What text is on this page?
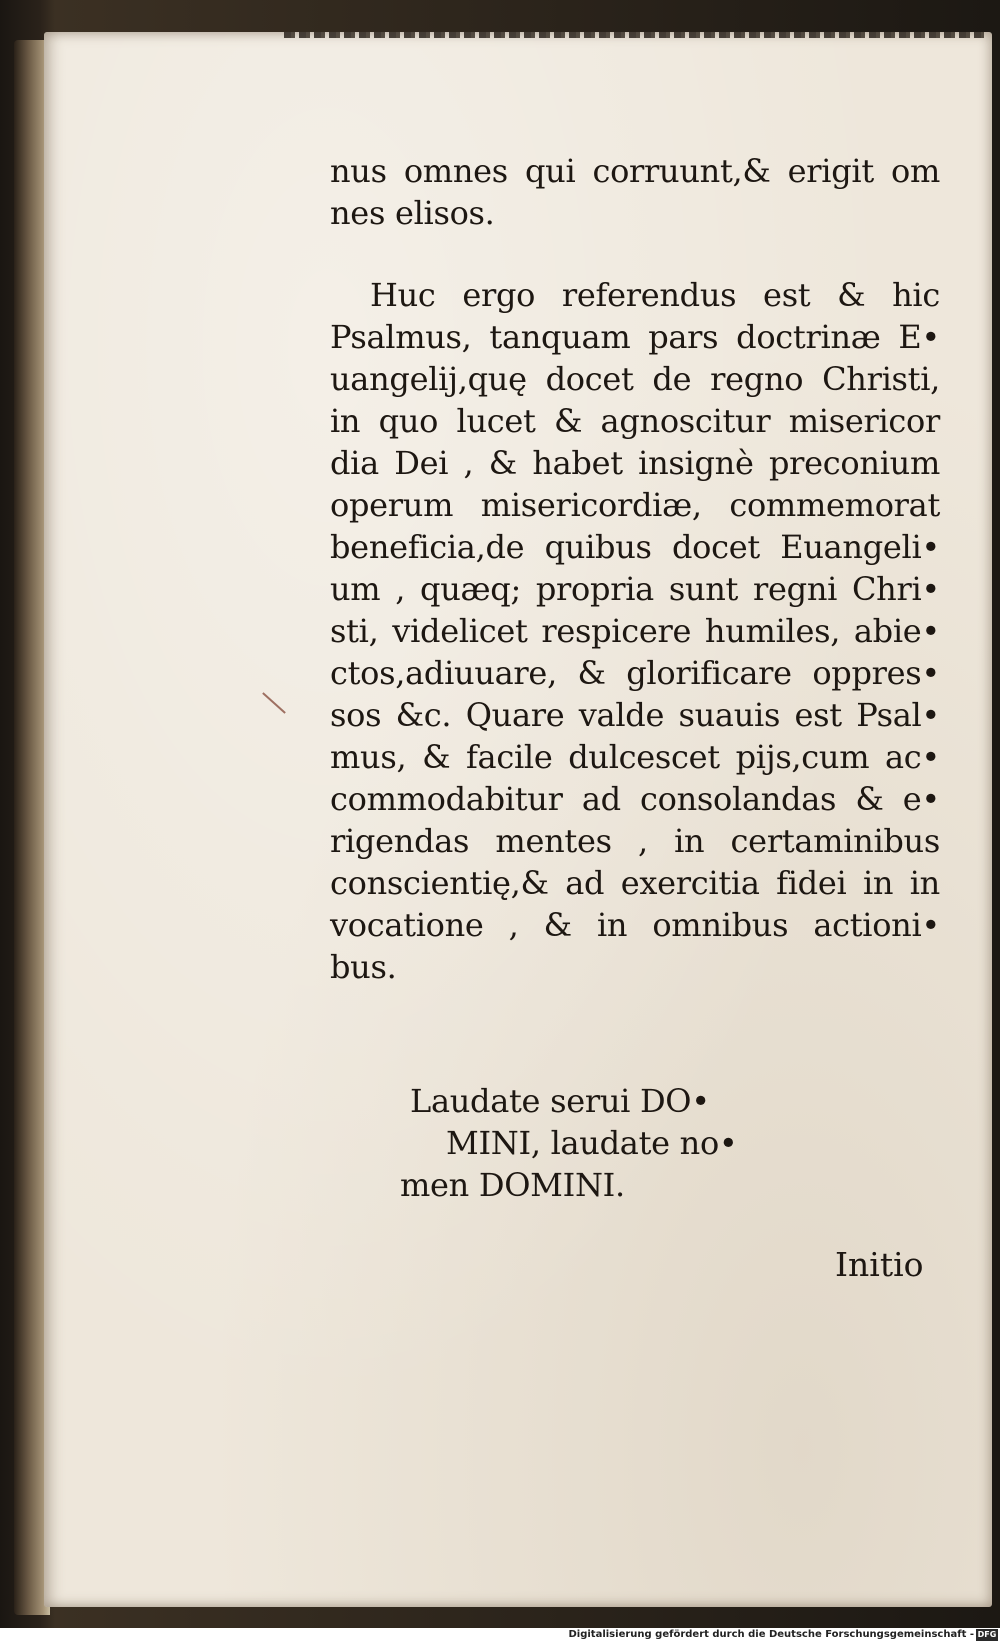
nus omnes qui corruunt,& erigit om
nes elisos.
Huc ergo referendus est & hic
Psalmus, tanquam pars doctrinæ E•
uangelij,quę docet de regno Christi,
in quo lucet & agnoscitur misericor
dia Dei , & habet insignè preconium
operum misericordiæ, commemorat
beneficia,de quibus docet Euangeli•
um , quæq; propria sunt regni Chri•
sti, videlicet respicere humiles, abie•
ctos,adiuuare, & glorificare oppres•
sos &c. Quare valde suauis est Psal•
mus, & facile dulcescet pijs,cum ac•
commodabitur ad consolandas & e•
rigendas mentes , in certaminibus
conscientię,& ad exercitia fidei in in
vocatione , & in omnibus actioni•
bus.
Laudate serui DO•
MINI, laudate no•
men DOMINI.
Initio
Digitalisierung gefördert durch die Deutsche Forschungsgemeinschaft - DFG
